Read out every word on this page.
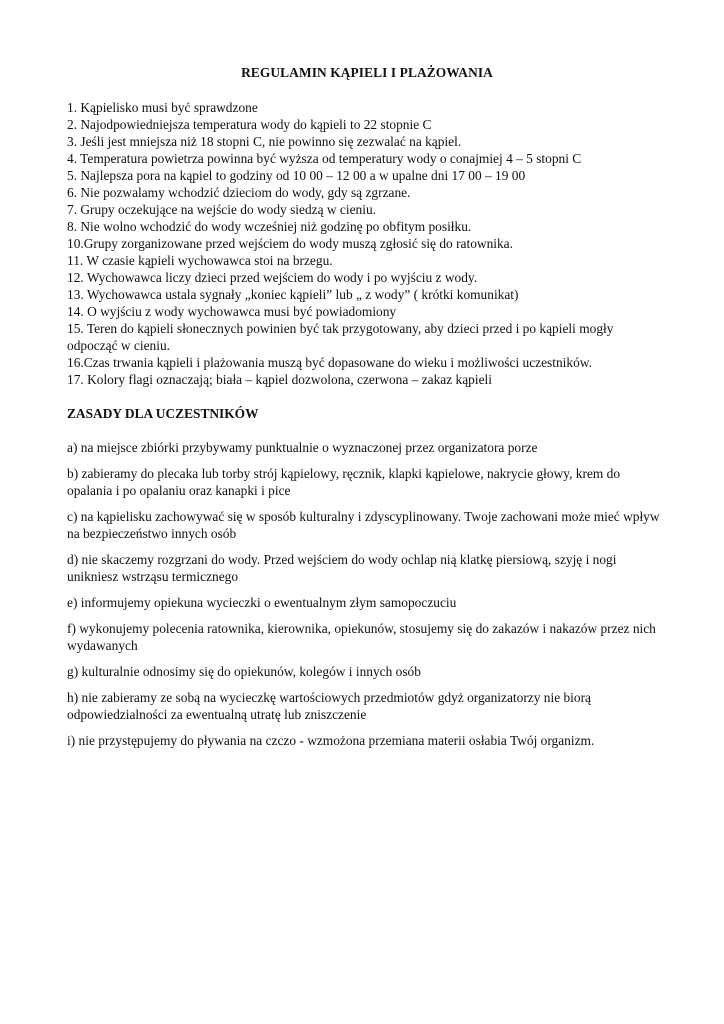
REGULAMIN KĄPIELI I PLAŻOWANIA
1. Kąpielisko musi być sprawdzone
2. Najodpowiedniejsza temperatura wody do kąpieli to 22 stopnie C
3. Jeśli jest mniejsza niż 18 stopni C, nie powinno się zezwalać na kąpiel.
4. Temperatura powietrza powinna być wyższa od temperatury wody o conajmiej 4 – 5 stopni C
5. Najlepsza pora na kąpiel to godziny od 10 00 – 12 00 a w upalne dni 17 00 – 19 00
6. Nie pozwalamy wchodzić dzieciom do wody, gdy są zgrzane.
7. Grupy oczekujące na wejście do wody siedzą w cieniu.
8. Nie wolno wchodzić do wody wcześniej niż godzinę po obfitym posiłku.
10.Grupy zorganizowane przed wejściem do wody muszą zgłosić się do ratownika.
11. W czasie kąpieli wychowawca stoi na brzegu.
12. Wychowawca liczy dzieci przed wejściem do wody i po wyjściu z wody.
13. Wychowawca ustala sygnały „koniec kąpieli” lub „ z wody” ( krótki komunikat)
14. O wyjściu z wody wychowawca musi być powiadomiony
15. Teren do kąpieli słonecznych powinien być tak przygotowany, aby dzieci przed i po kąpieli mogły odpocząć w cieniu.
16.Czas trwania kąpieli i plażowania muszą być dopasowane do wieku i możliwości uczestników.
17. Kolory flagi oznaczają; biała – kąpiel dozwolona, czerwona – zakaz kąpieli
ZASADY DLA UCZESTNIKÓW
a) na miejsce zbiórki przybywamy punktualnie o wyznaczonej przez organizatora porze
b) zabieramy do plecaka lub torby strój kąpielowy, ręcznik, klapki kąpielowe, nakrycie głowy, krem do opalania i po opalaniu oraz kanapki i pice
c) na kąpielisku zachowywać się w sposób kulturalny i zdyscyplinowany. Twoje zachowani może mieć wpływ na bezpieczeństwo innych osób
d) nie skaczemy rozgrzani do wody. Przed wejściem do wody ochlap nią klatkę piersiową, szyję i nogi unikniesz wstrząsu termicznego
e) informujemy opiekuna wycieczki o ewentualnym złym samopoczuciu
f) wykonujemy polecenia ratownika, kierownika, opiekunów, stosujemy się do zakazów i nakazów przez nich wydawanych
g) kulturalnie odnosimy się do opiekunów, kolegów i innych osób
h) nie zabieramy ze sobą na wycieczkę wartościowych przedmiotów gdyż organizatorzy nie biorą odpowiedzialności za ewentualną utratę lub zniszczenie
i) nie przystępujemy do pływania na czczo - wzmożona przemiana materii osłabia Twój organizm.
